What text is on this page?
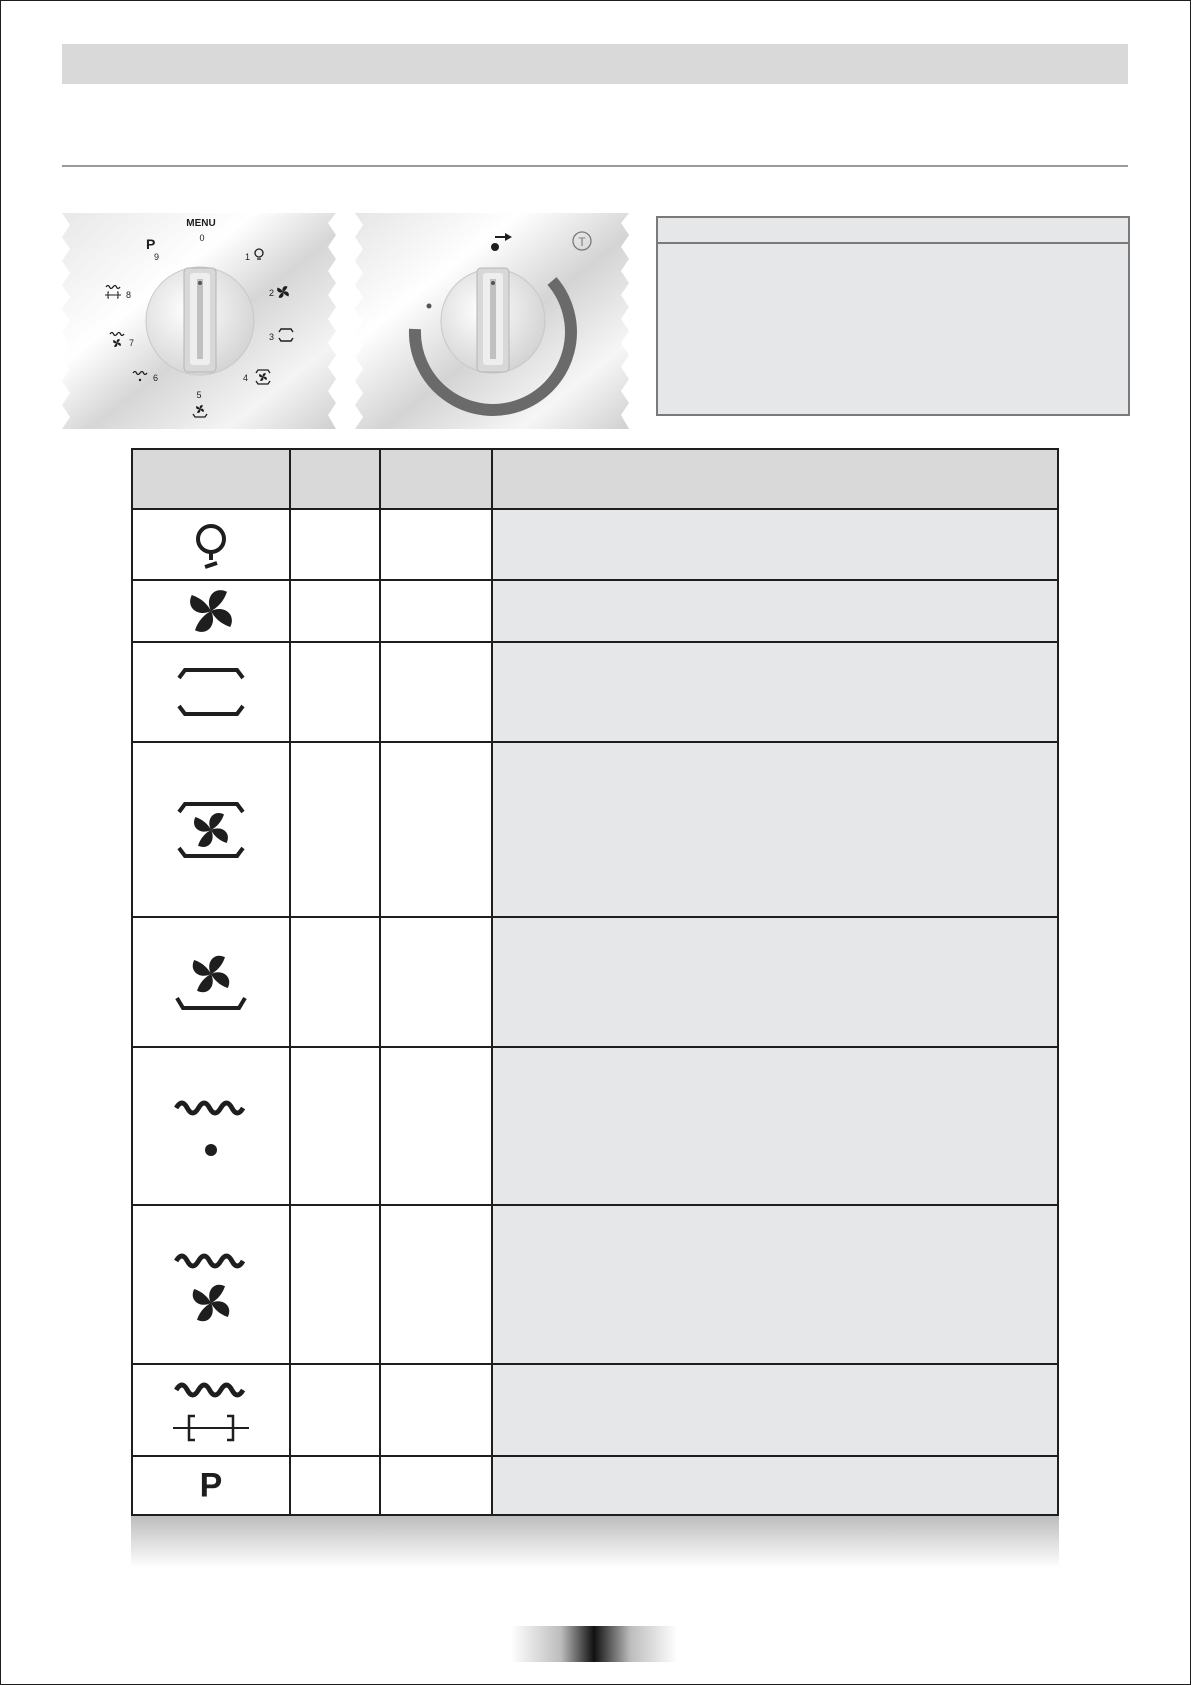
MENU
0
P
9	1
2
3
4
5
6
7
8
T
P
